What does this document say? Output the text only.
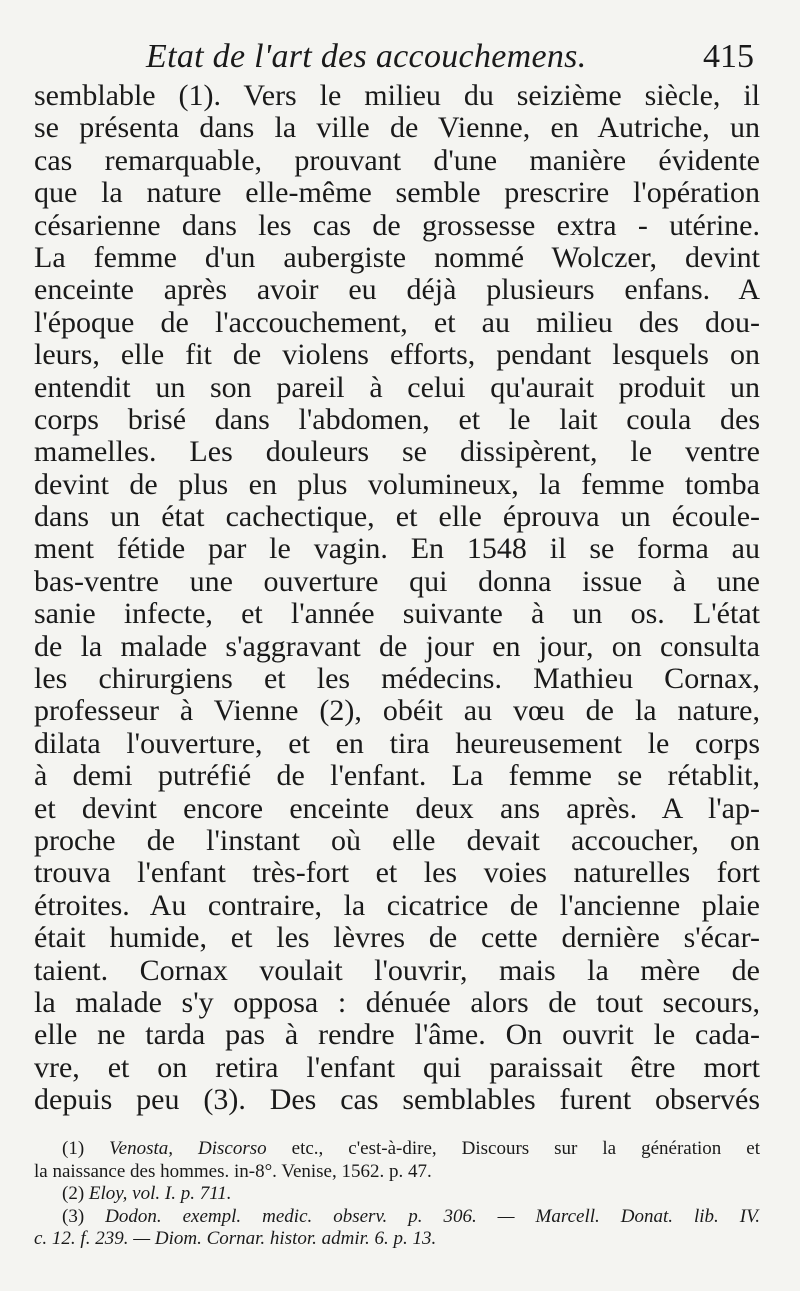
Etat de l'art des accouchemens.	415
semblable (1). Vers le milieu du seizième siècle, il
se présenta dans la ville de Vienne, en Autriche, un
cas remarquable, prouvant d'une manière évidente
que la nature elle-même semble prescrire l'opération
césarienne dans les cas de grossesse extra - utérine.
La femme d'un aubergiste nommé Wolczer, devint
enceinte après avoir eu déjà plusieurs enfans. A
l'époque de l'accouchement, et au milieu des dou-
leurs, elle fit de violens efforts, pendant lesquels on
entendit un son pareil à celui qu'aurait produit un
corps brisé dans l'abdomen, et le lait coula des
mamelles. Les douleurs se dissipèrent, le ventre
devint de plus en plus volumineux, la femme tomba
dans un état cachectique, et elle éprouva un écoule-
ment fétide par le vagin. En 1548 il se forma au
bas-ventre une ouverture qui donna issue à une
sanie infecte, et l'année suivante à un os. L'état
de la malade s'aggravant de jour en jour, on consulta
les chirurgiens et les médecins. Mathieu Cornax,
professeur à Vienne (2), obéit au vœu de la nature,
dilata l'ouverture, et en tira heureusement le corps
à demi putréfié de l'enfant. La femme se rétablit,
et devint encore enceinte deux ans après. A l'ap-
proche de l'instant où elle devait accoucher, on
trouva l'enfant très-fort et les voies naturelles fort
étroites. Au contraire, la cicatrice de l'ancienne plaie
était humide, et les lèvres de cette dernière s'écar-
taient. Cornax voulait l'ouvrir, mais la mère de
la malade s'y opposa : dénuée alors de tout secours,
elle ne tarda pas à rendre l'âme. On ouvrit le cada-
vre, et on retira l'enfant qui paraissait être mort
depuis peu (3). Des cas semblables furent observés
(1) Venosta, Discorso etc., c'est-à-dire, Discours sur la génération et
la naissance des hommes. in-8°. Venise, 1562. p. 47.
(2) Eloy, vol. I. p. 711.
(3) Dodon. exempl. medic. observ. p. 306. — Marcell. Donat. lib. IV.
c. 12. f. 239. — Diom. Cornar. histor. admir. 6. p. 13.
